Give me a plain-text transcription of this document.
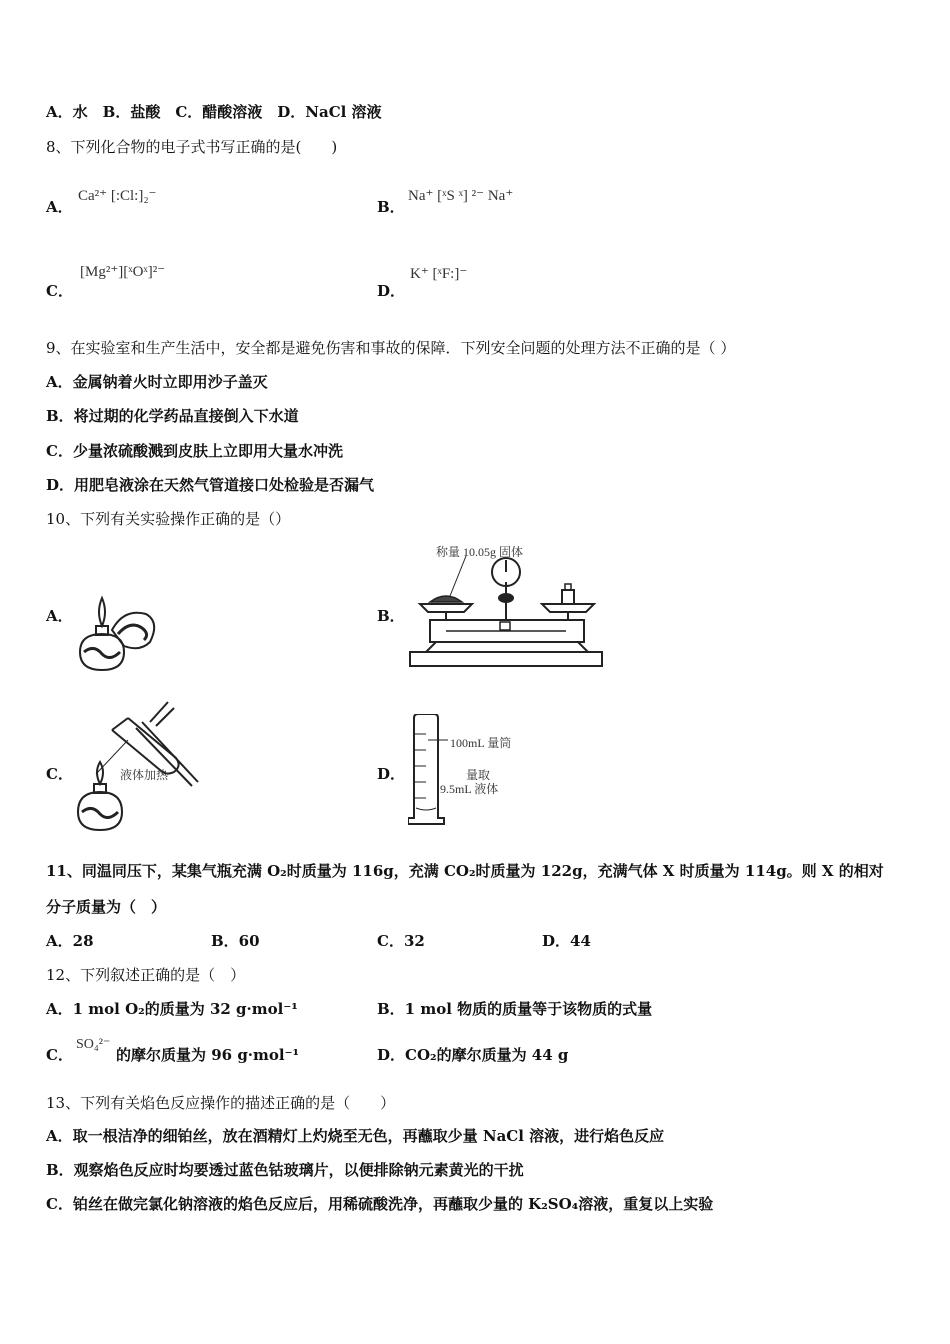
A．水　B．盐酸　C．醋酸溶液　D．NaCl 溶液
8、下列化合物的电子式书写正确的是(　　)
A．
Ca²⁺ [:Cl:]₂⁻
B．
Na⁺ [ˣS ˣ] ²⁻ Na⁺
C．
[Mg²⁺][ˣOˣ]²⁻
D．
K⁺ [ˣF:]⁻
9、在实验室和生产生活中，安全都是避免伤害和事故的保障．下列安全问题的处理方法不正确的是（ ）
A．金属钠着火时立即用沙子盖灭
B．将过期的化学药品直接倒入下水道
C．少量浓硫酸溅到皮肤上立即用大量水冲洗
D．用肥皂液涂在天然气管道接口处检验是否漏气
10、下列有关实验操作正确的是（）
A．	B．
称量 10.05g 固体
C．	液体加热	D．
100mL 量筒
量取
9.5mL 液体
11、同温同压下，某集气瓶充满 O₂时质量为 116g，充满 CO₂时质量为 122g，充满气体 X 时质量为 114g。则 X 的相对
分子质量为（　）
A．28	B．60	C．32	D．44
12、下列叙述正确的是（　）
A．1 mol O₂的质量为 32 g·mol⁻¹	B．1 mol 物质的质量等于该物质的式量
C．
SO₄²⁻
的摩尔质量为 96 g·mol⁻¹	D．CO₂的摩尔质量为 44 g
13、下列有关焰色反应操作的描述正确的是（　　）
A．取一根洁净的细铂丝，放在酒精灯上灼烧至无色，再蘸取少量 NaCl 溶液，进行焰色反应
B．观察焰色反应时均要透过蓝色钴玻璃片，以便排除钠元素黄光的干扰
C．铂丝在做完氯化钠溶液的焰色反应后，用稀硫酸洗净，再蘸取少量的 K₂SO₄溶液，重复以上实验
